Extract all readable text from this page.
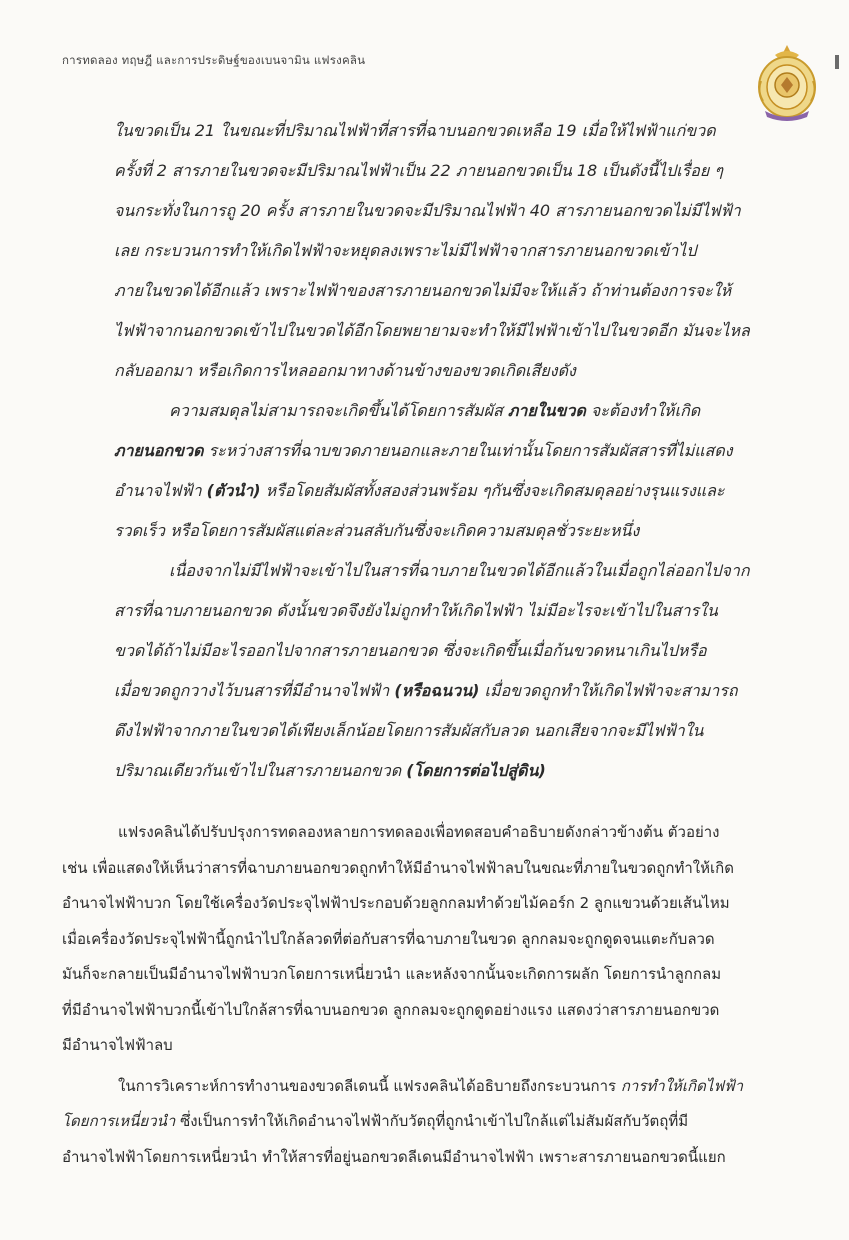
การทดลอง ทฤษฎี และการประดิษฐ์ของเบนจามิน แฟรงคลิน
ในขวดเป็น 21 ในขณะที่ปริมาณไฟฟ้าที่สารที่ฉาบนอกขวดเหลือ 19 เมื่อให้ไฟฟ้าแก่ขวด
ครั้งที่ 2 สารภายในขวดจะมีปริมาณไฟฟ้าเป็น 22 ภายนอกขวดเป็น 18 เป็นดังนี้ไปเรื่อย ๆ
จนกระทั่งในการถู 20 ครั้ง สารภายในขวดจะมีปริมาณไฟฟ้า 40 สารภายนอกขวดไม่มีไฟฟ้า
เลย กระบวนการทำให้เกิดไฟฟ้าจะหยุดลงเพราะไม่มีไฟฟ้าจากสารภายนอกขวดเข้าไป
ภายในขวดได้อีกแล้ว เพราะไฟฟ้าของสารภายนอกขวดไม่มีจะให้แล้ว ถ้าท่านต้องการจะให้
ไฟฟ้าจากนอกขวดเข้าไปในขวดได้อีกโดยพยายามจะทำให้มีไฟฟ้าเข้าไปในขวดอีก มันจะไหล
กลับออกมา หรือเกิดการไหลออกมาทางด้านข้างของขวดเกิดเสียงดัง
ความสมดุลไม่สามารถจะเกิดขึ้นได้โดยการสัมผัส ภายในขวด จะต้องทำให้เกิด
ภายนอกขวด ระหว่างสารที่ฉาบขวดภายนอกและภายในเท่านั้นโดยการสัมผัสสารที่ไม่แสดง
อำนาจไฟฟ้า (ตัวนำ) หรือโดยสัมผัสทั้งสองส่วนพร้อม ๆกันซึ่งจะเกิดสมดุลอย่างรุนแรงและ
รวดเร็ว หรือโดยการสัมผัสแต่ละส่วนสลับกันซึ่งจะเกิดความสมดุลชั่วระยะหนึ่ง
เนื่องจากไม่มีไฟฟ้าจะเข้าไปในสารที่ฉาบภายในขวดได้อีกแล้วในเมื่อถูกไล่ออกไปจาก
สารที่ฉาบภายนอกขวด ดังนั้นขวดจึงยังไม่ถูกทำให้เกิดไฟฟ้า ไม่มีอะไรจะเข้าไปในสารใน
ขวดได้ถ้าไม่มีอะไรออกไปจากสารภายนอกขวด ซึ่งจะเกิดขึ้นเมื่อก้นขวดหนาเกินไปหรือ
เมื่อขวดถูกวางไว้บนสารที่มีอำนาจไฟฟ้า (หรือฉนวน) เมื่อขวดถูกทำให้เกิดไฟฟ้าจะสามารถ
ดึงไฟฟ้าจากภายในขวดได้เพียงเล็กน้อยโดยการสัมผัสกับลวด นอกเสียจากจะมีไฟฟ้าใน
ปริมาณเดียวกันเข้าไปในสารภายนอกขวด (โดยการต่อไปสู่ดิน)
แฟรงคลินได้ปรับปรุงการทดลองหลายการทดลองเพื่อทดสอบคำอธิบายดังกล่าวข้างต้น ตัวอย่าง
เช่น เพื่อแสดงให้เห็นว่าสารที่ฉาบภายนอกขวดถูกทำให้มีอำนาจไฟฟ้าลบในขณะที่ภายในขวดถูกทำให้เกิด
อำนาจไฟฟ้าบวก โดยใช้เครื่องวัดประจุไฟฟ้าประกอบด้วยลูกกลมทำด้วยไม้คอร์ก 2 ลูกแขวนด้วยเส้นไหม
เมื่อเครื่องวัดประจุไฟฟ้านี้ถูกนำไปใกล้ลวดที่ต่อกับสารที่ฉาบภายในขวด ลูกกลมจะถูกดูดจนแตะกับลวด
มันก็จะกลายเป็นมีอำนาจไฟฟ้าบวกโดยการเหนี่ยวนำ และหลังจากนั้นจะเกิดการผลัก โดยการนำลูกกลม
ที่มีอำนาจไฟฟ้าบวกนี้เข้าไปใกล้สารที่ฉาบนอกขวด ลูกกลมจะถูกดูดอย่างแรง แสดงว่าสารภายนอกขวด
มีอำนาจไฟฟ้าลบ
ในการวิเคราะห์การทำงานของขวดลีเดนนี้ แฟรงคลินได้อธิบายถึงกระบวนการ การทำให้เกิดไฟฟ้า
โดยการเหนี่ยวนำ ซึ่งเป็นการทำให้เกิดอำนาจไฟฟ้ากับวัตถุที่ถูกนำเข้าไปใกล้แต่ไม่สัมผัสกับวัตถุที่มี
อำนาจไฟฟ้าโดยการเหนี่ยวนำ ทำให้สารที่อยู่นอกขวดลีเดนมีอำนาจไฟฟ้า เพราะสารภายนอกขวดนี้แยก
